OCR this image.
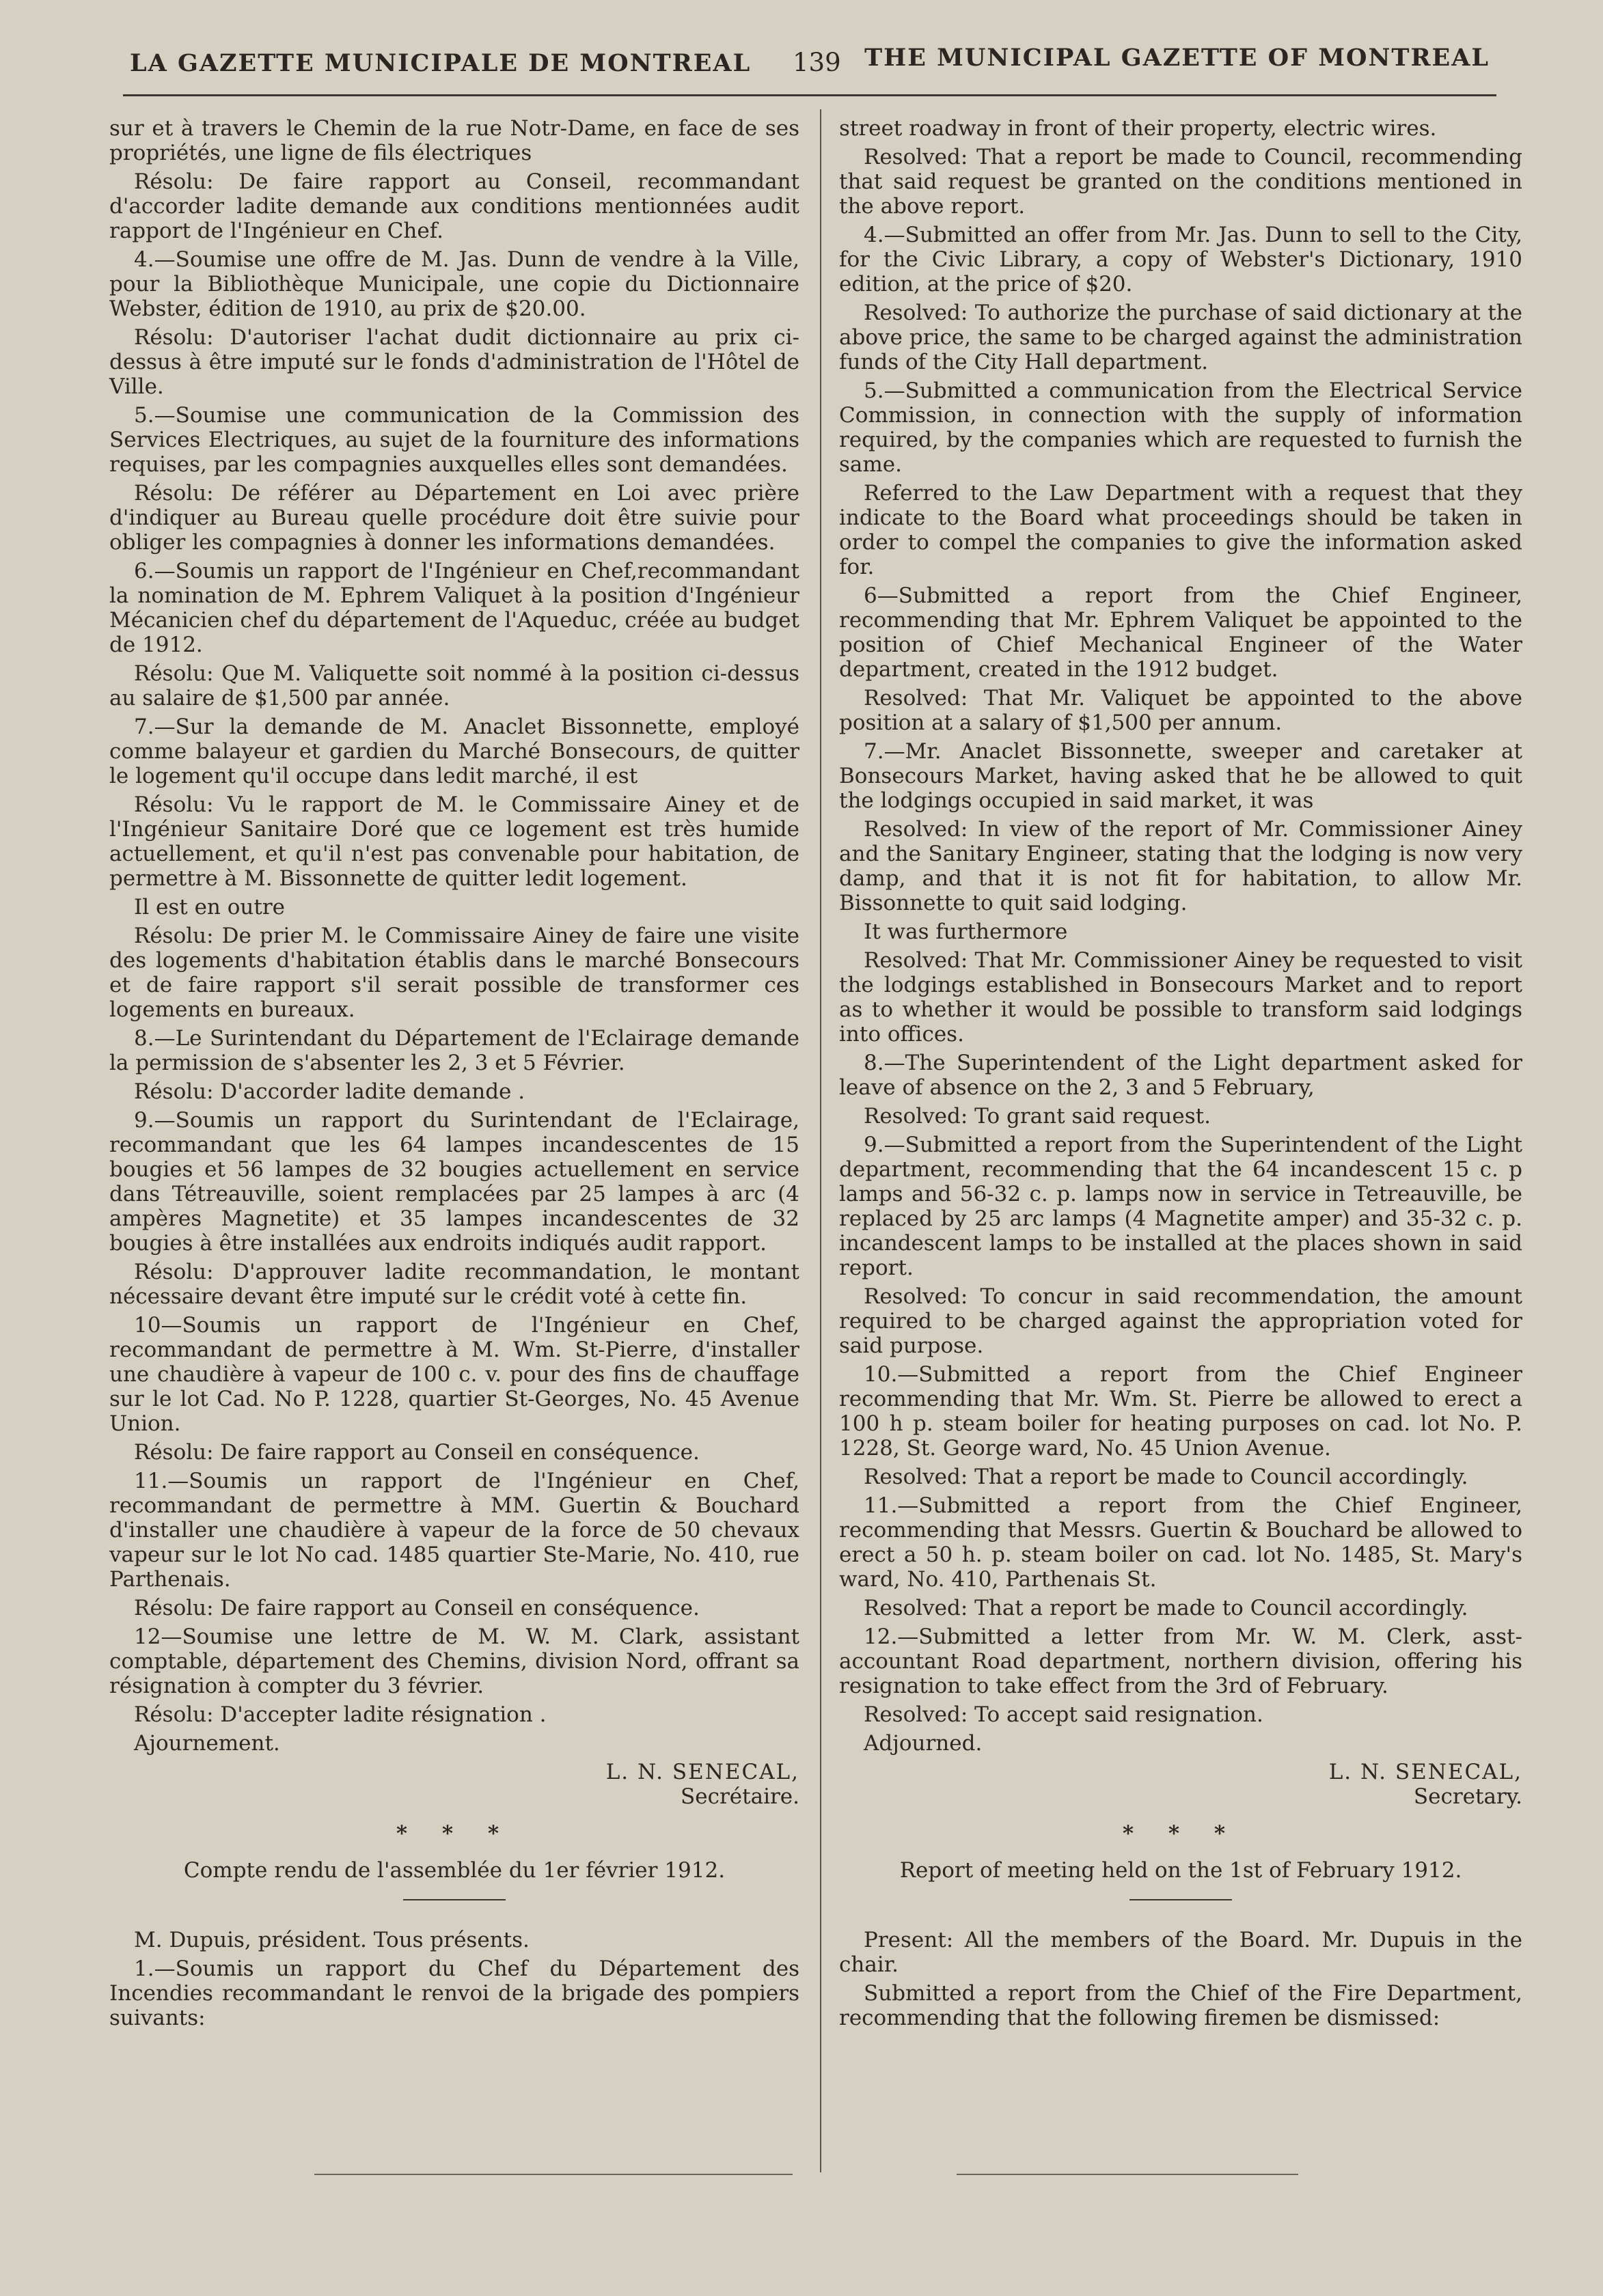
LA GAZETTE MUNICIPALE DE MONTREAL 139 THE MUNICIPAL GAZETTE OF MONTREAL

sur et à travers le Chemin de la rue Notr-Dame, en face de ses propriétés, une ligne de fils électriques

Résolu: De faire rapport au Conseil, recommandant d'accorder ladite demande aux conditions mentionnées audit rapport de l'Ingénieur en Chef.

4.—Soumise une offre de M. Jas. Dunn de vendre à la Ville, pour la Bibliothèque Municipale, une copie du Dictionnaire Webster, édition de 1910, au prix de $20.00.

Résolu: D'autoriser l'achat dudit dictionnaire au prix ci-dessus à être imputé sur le fonds d'administration de l'Hôtel de Ville.

5.—Soumise une communication de la Commission des Services Electriques, au sujet de la fourniture des informations requises, par les compagnies auxquelles elles sont demandées.

Résolu: De référer au Département en Loi avec prière d'indiquer au Bureau quelle procédure doit être suivie pour obliger les compagnies à donner les informations demandées.

6.—Soumis un rapport de l'Ingénieur en Chef,recommandant la nomination de M. Ephrem Valiquet à la position d'Ingénieur Mécanicien chef du département de l'Aqueduc, créée au budget de 1912.

Résolu: Que M. Valiquette soit nommé à la position ci-dessus au salaire de $1,500 par année.

7.—Sur la demande de M. Anaclet Bissonnette, employé comme balayeur et gardien du Marché Bonsecours, de quitter le logement qu'il occupe dans ledit marché, il est

Résolu: Vu le rapport de M. le Commissaire Ainey et de l'Ingénieur Sanitaire Doré que ce logement est très humide actuellement, et qu'il n'est pas convenable pour habitation, de permettre à M. Bissonnette de quitter ledit logement.

Il est en outre

Résolu: De prier M. le Commissaire Ainey de faire une visite des logements d'habitation établis dans le marché Bonsecours et de faire rapport s'il serait possible de transformer ces logements en bureaux.

8.—Le Surintendant du Département de l'Eclairage demande la permission de s'absenter les 2, 3 et 5 Février.

Résolu: D'accorder ladite demande .

9.—Soumis un rapport du Surintendant de l'Eclairage, recommandant que les 64 lampes incandescentes de 15 bougies et 56 lampes de 32 bougies actuellement en service dans Tétreauville, soient remplacées par 25 lampes à arc (4 ampères Magnetite) et 35 lampes incandescentes de 32 bougies à être installées aux endroits indiqués audit rapport.

Résolu: D'approuver ladite recommandation, le montant nécessaire devant être imputé sur le crédit voté à cette fin.

10—Soumis un rapport de l'Ingénieur en Chef, recommandant de permettre à M. Wm. St-Pierre, d'installer une chaudière à vapeur de 100 c. v. pour des fins de chauffage sur le lot Cad. No P. 1228, quartier St-Georges, No. 45 Avenue Union.

Résolu: De faire rapport au Conseil en conséquence.

11.—Soumis un rapport de l'Ingénieur en Chef, recommandant de permettre à MM. Guertin & Bouchard d'installer une chaudière à vapeur de la force de 50 chevaux vapeur sur le lot No cad. 1485 quartier Ste-Marie, No. 410, rue Parthenais.

Résolu: De faire rapport au Conseil en conséquence.

12—Soumise une lettre de M. W. M. Clark, assistant comptable, département des Chemins, division Nord, offrant sa résignation à compter du 3 février.

Résolu: D'accepter ladite résignation .

Ajournement.

L. N. SENECAL,
Secrétaire.
* * *
Compte rendu de l'assemblée du 1er février 1912.

M. Dupuis, président. Tous présents.

1.—Soumis un rapport du Chef du Département des Incendies recommandant le renvoi de la brigade des pompiers suivants:

street roadway in front of their property, electric wires.

Resolved: That a report be made to Council, recommending that said request be granted on the conditions mentioned in the above report.

4.—Submitted an offer from Mr. Jas. Dunn to sell to the City, for the Civic Library, a copy of Webster's Dictionary, 1910 edition, at the price of $20.

Resolved: To authorize the purchase of said dictionary at the above price, the same to be charged against the administration funds of the City Hall department.

5.—Submitted a communication from the Electrical Service Commission, in connection with the supply of information required, by the companies which are requested to furnish the same.

Referred to the Law Department with a request that they indicate to the Board what proceedings should be taken in order to compel the companies to give the information asked for.

6—Submitted a report from the Chief Engineer, recommending that Mr. Ephrem Valiquet be appointed to the position of Chief Mechanical Engineer of the Water department, created in the 1912 budget.

Resolved: That Mr. Valiquet be appointed to the above position at a salary of $1,500 per annum.

7.—Mr. Anaclet Bissonnette, sweeper and caretaker at Bonsecours Market, having asked that he be allowed to quit the lodgings occupied in said market, it was

Resolved: In view of the report of Mr. Commissioner Ainey and the Sanitary Engineer, stating that the lodging is now very damp, and that it is not fit for habitation, to allow Mr. Bissonnette to quit said lodging.

It was furthermore

Resolved: That Mr. Commissioner Ainey be requested to visit the lodgings established in Bonsecours Market and to report as to whether it would be possible to transform said lodgings into offices.

8.—The Superintendent of the Light department asked for leave of absence on the 2, 3 and 5 February,

Resolved: To grant said request.

9.—Submitted a report from the Superintendent of the Light department, recommending that the 64 incandescent 15 c. p lamps and 56-32 c. p. lamps now in service in Tetreauville, be replaced by 25 arc lamps (4 Magnetite amper) and 35-32 c. p. incandescent lamps to be installed at the places shown in said report.

Resolved: To concur in said recommendation, the amount required to be charged against the appropriation voted for said purpose.

10.—Submitted a report from the Chief Engineer recommending that Mr. Wm. St. Pierre be allowed to erect a 100 h p. steam boiler for heating purposes on cad. lot No. P. 1228, St. George ward, No. 45 Union Avenue.

Resolved: That a report be made to Council accordingly.

11.—Submitted a report from the Chief Engineer, recommending that Messrs. Guertin & Bouchard be allowed to erect a 50 h. p. steam boiler on cad. lot No. 1485, St. Mary's ward, No. 410, Parthenais St.

Resolved: That a report be made to Council accordingly.

12.—Submitted a letter from Mr. W. M. Clerk, asst-accountant Road department, northern division, offering his resignation to take effect from the 3rd of February.

Resolved: To accept said resignation.

Adjourned.

L. N. SENECAL,
Secretary.
* * *
Report of meeting held on the 1st of February 1912.

Present: All the members of the Board. Mr. Dupuis in the chair.

Submitted a report from the Chief of the Fire Department, recommending that the following firemen be dismissed:
